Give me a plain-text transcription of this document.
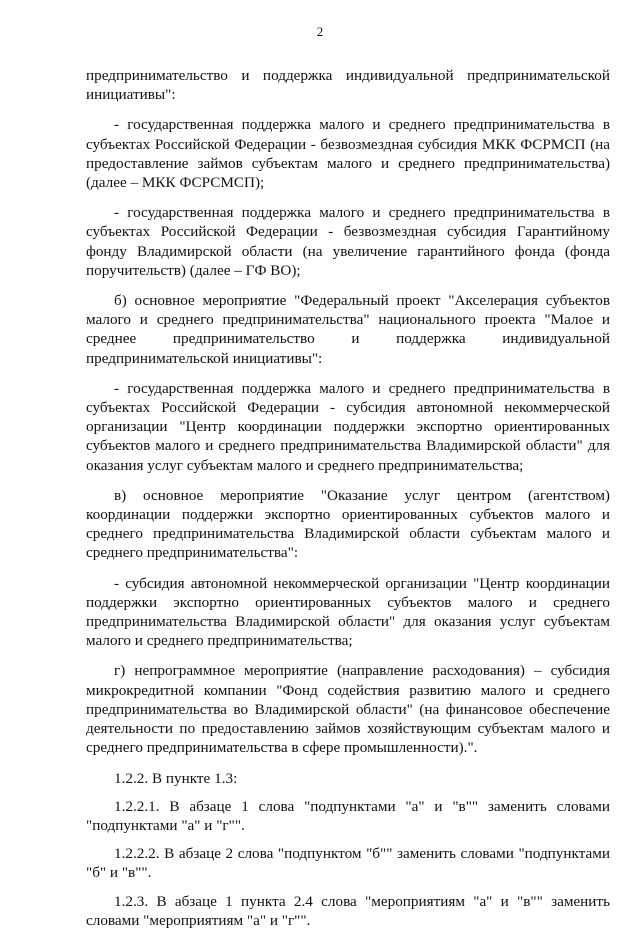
2

предпринимательство и поддержка индивидуальной предпринимательской инициативы":

- государственная поддержка малого и среднего предпринимательства в субъектах Российской Федерации - безвозмездная субсидия МКК ФСРМСП (на предоставление займов субъектам малого и среднего предпринимательства) (далее – МКК ФСРСМСП);

- государственная поддержка малого и среднего предпринимательства в субъектах Российской Федерации - безвозмездная субсидия Гарантийному фонду Владимирской области (на увеличение гарантийного фонда (фонда поручительств) (далее – ГФ ВО);

б) основное мероприятие "Федеральный проект "Акселерация субъектов малого и среднего предпринимательства" национального проекта "Малое и среднее предпринимательство и поддержка индивидуальной предпринимательской инициативы":

- государственная поддержка малого и среднего предпринимательства в субъектах Российской Федерации - субсидия автономной некоммерческой организации "Центр координации поддержки экспортно ориентированных субъектов малого и среднего предпринимательства Владимирской области" для оказания услуг субъектам малого и среднего предпринимательства;

в) основное мероприятие "Оказание услуг центром (агентством) координации поддержки экспортно ориентированных субъектов малого и среднего предпринимательства Владимирской области субъектам малого и среднего предпринимательства":

- субсидия автономной некоммерческой организации "Центр координации поддержки экспортно ориентированных субъектов малого и среднего предпринимательства Владимирской области" для оказания услуг субъектам малого и среднего предпринимательства;

г) непрограммное мероприятие (направление расходования) – субсидия микрокредитной компании "Фонд содействия развитию малого и среднего предпринимательства во Владимирской области" (на финансовое обеспечение деятельности по предоставлению займов хозяйствующим субъектам малого и среднего предпринимательства в сфере промышленности).".

1.2.2. В пункте 1.3:

1.2.2.1. В абзаце 1 слова "подпунктами "а" и "в"" заменить словами "подпунктами "а" и "г"".

1.2.2.2. В абзаце 2 слова "подпунктом "б"" заменить словами "подпунктами "б" и "в"".

1.2.3. В абзаце 1 пункта 2.4 слова "мероприятиям "а" и "в"" заменить словами "мероприятиям "а" и "г"".
